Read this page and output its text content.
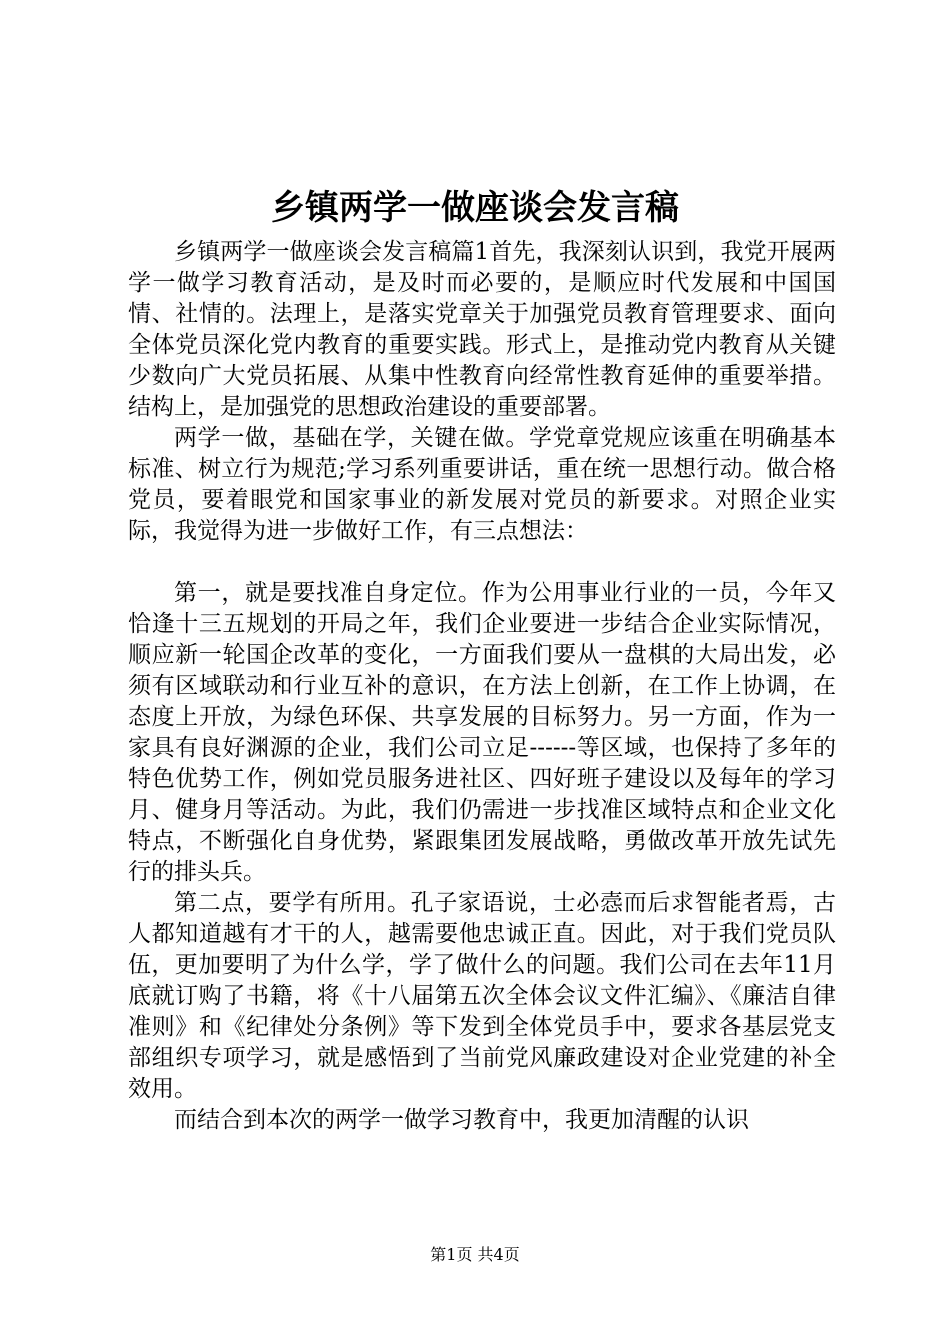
乡镇两学一做座谈会发言稿

乡镇两学一做座谈会发言稿篇1首先，我深刻认识到，我党开展两学一做学习教育活动，是及时而必要的，是顺应时代发展和中国国情、社情的。法理上，是落实党章关于加强党员教育管理要求、面向全体党员深化党内教育的重要实践。形式上，是推动党内教育从关键少数向广大党员拓展、从集中性教育向经常性教育延伸的重要举措。结构上，是加强党的思想政治建设的重要部署。

两学一做，基础在学，关键在做。学党章党规应该重在明确基本标准、树立行为规范;学习系列重要讲话，重在统一思想行动。做合格党员，要着眼党和国家事业的新发展对党员的新要求。对照企业实际，我觉得为进一步做好工作，有三点想法：

第一，就是要找准自身定位。作为公用事业行业的一员，今年又恰逢十三五规划的开局之年，我们企业要进一步结合企业实际情况，顺应新一轮国企改革的变化，一方面我们要从一盘棋的大局出发，必须有区域联动和行业互补的意识，在方法上创新，在工作上协调，在态度上开放，为绿色环保、共享发展的目标努力。另一方面，作为一家具有良好渊源的企业，我们公司立足------等区域，也保持了多年的特色优势工作，例如党员服务进社区、四好班子建设以及每年的学习月、健身月等活动。为此，我们仍需进一步找准区域特点和企业文化特点，不断强化自身优势，紧跟集团发展战略，勇做改革开放先试先行的排头兵。

第二点，要学有所用。孔子家语说，士必悫而后求智能者焉，古人都知道越有才干的人，越需要他忠诚正直。因此，对于我们党员队伍，更加要明了为什么学，学了做什么的问题。我们公司在去年11月底就订购了书籍，将《十八届第五次全体会议文件汇编》、《廉洁自律准则》和《纪律处分条例》等下发到全体党员手中，要求各基层党支部组织专项学习，就是感悟到了当前党风廉政建设对企业党建的补全效用。

而结合到本次的两学一做学习教育中，我更加清醒的认识

第1页 共4页
